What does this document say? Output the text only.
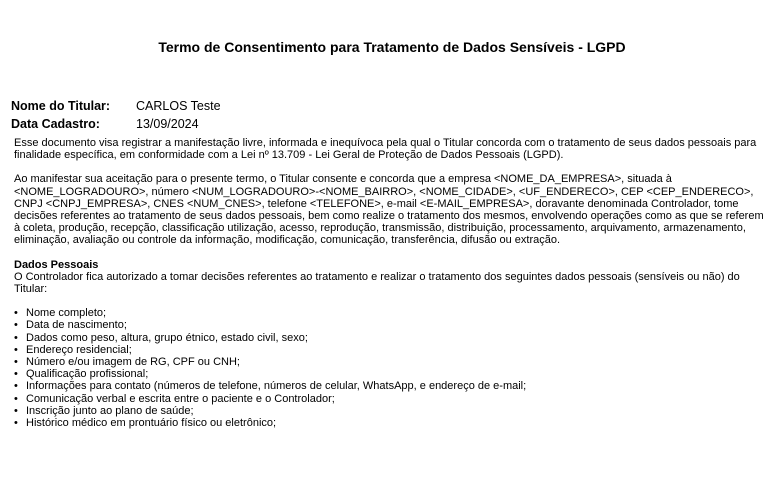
Termo de Consentimento para Tratamento de Dados Sensíveis - LGPD
Nome do Titular: CARLOS Teste
Data Cadastro:	13/09/2024

Esse documento visa registrar a manifestação livre, informada e inequívoca pela qual o Titular concorda com o tratamento de seus dados pessoais para finalidade específica, em conformidade com a Lei nº 13.709 - Lei Geral de Proteção de Dados Pessoais (LGPD).

Ao manifestar sua aceitação para o presente termo, o Titular consente e concorda que a empresa <NOME_DA_EMPRESA>, situada à <NOME_LOGRADOURO>, número <NUM_LOGRADOURO>-<NOME_BAIRRO>, <NOME_CIDADE>, <UF_ENDERECO>, CEP <CEP_ENDERECO>, CNPJ <CNPJ_EMPRESA>, CNES <NUM_CNES>, telefone <TELEFONE>, e-mail <E-MAIL_EMPRESA>, doravante denominada Controlador, tome decisões referentes ao tratamento de seus dados pessoais, bem como realize o tratamento dos mesmos, envolvendo operações como as que se referem à coleta, produção, recepção, classificação utilização, acesso, reprodução, transmissão, distribuição, processamento, arquivamento, armazenamento, eliminação, avaliação ou controle da informação, modificação, comunicação, transferência, difusão ou extração.

Dados Pessoais

O Controlador fica autorizado a tomar decisões referentes ao tratamento e realizar o tratamento dos seguintes dados pessoais (sensíveis ou não) do Titular:

• Nome completo;
• Data de nascimento;
• Dados como peso, altura, grupo étnico, estado civil, sexo;
• Endereço residencial;
• Número e/ou imagem de RG, CPF ou CNH;
• Qualificação profissional;
• Informações para contato (números de telefone, números de celular, WhatsApp, e endereço de e-mail;
• Comunicação verbal e escrita entre o paciente e o Controlador;
• Inscrição junto ao plano de saúde;
• Histórico médico em prontuário físico ou eletrônico;
